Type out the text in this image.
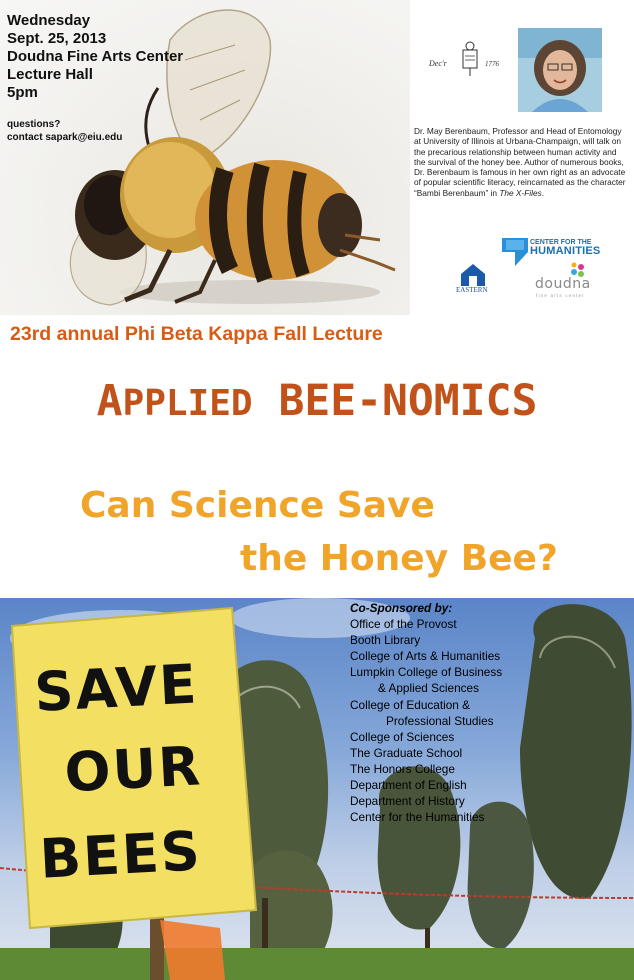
Wednesday
Sept. 25, 2013
Doudna Fine Arts Center
Lecture Hall
5pm
questions?
contact sapark@eiu.edu
Dec'r	1776
Dr. May Berenbaum, Professor and Head of Entomology at University of Illinois at Urbana-Champaign, will talk on the precarious relationship between human activity and the survival of the honey bee. Author of numerous books, Dr. Berenbaum is famous in her own right as an advocate of popular scientific literacy, reincarnated as the character “Bambi Berenbaum” in The X-Files.
CENTER FOR THE
HUMANITIES
EASTERN	doudna
fine arts center
23rd annual Phi Beta Kappa Fall Lecture
APPLIED BEE-NOMICS
Can Science Save
the Honey Bee?
SAVE
OUR
BEES
Co-Sponsored by:
Office of the Provost
Booth Library
College of Arts & Humanities
Lumpkin College of Business
& Applied Sciences
College of Education &
Professional Studies
College of Sciences
The Graduate School
The Honors College
Department of English
Department of History
Center for the Humanities
